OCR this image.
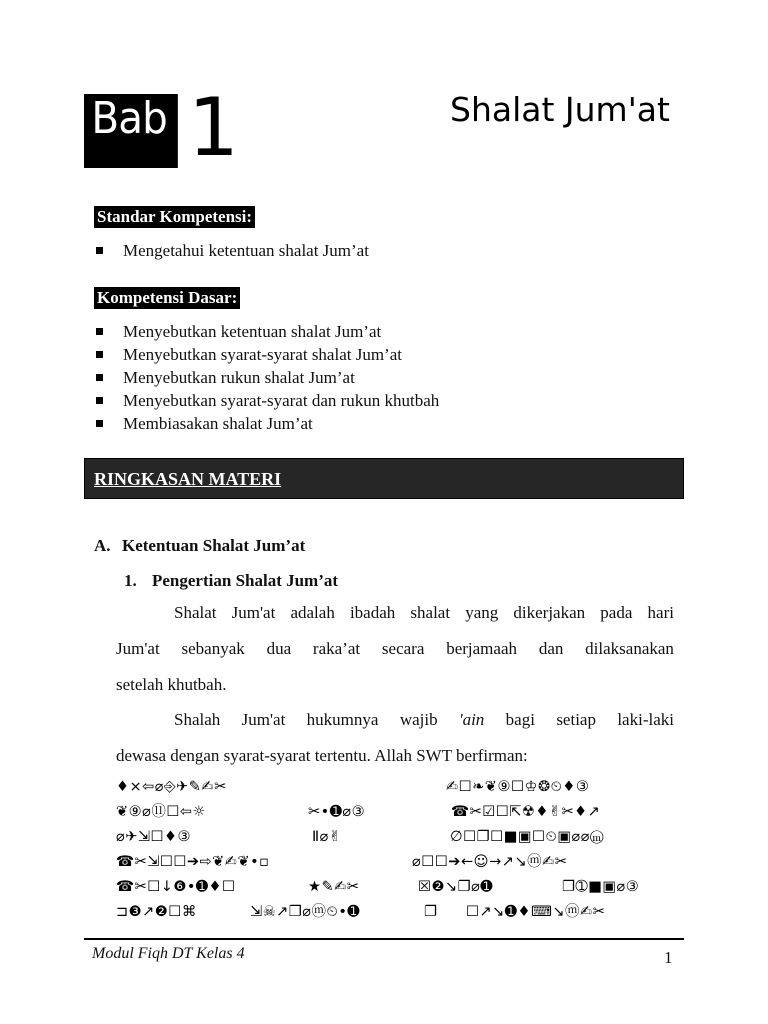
Bab 1	Shalat Jum'at
Standar Kompetensi:
Mengetahui ketentuan shalat Jum’at
Kompetensi Dasar:
Menyebutkan ketentuan shalat Jum’at
Menyebutkan syarat-syarat shalat Jum’at
Menyebutkan rukun shalat Jum’at
Menyebutkan syarat-syarat dan rukun khutbah
Membiasakan shalat Jum’at
RINGKASAN MATERI
A. Ketentuan Shalat Jum’at
1. Pengertian Shalat Jum’at
Shalat Jum'at adalah ibadah shalat yang dikerjakan pada hari
Jum'at sebanyak dua raka’at secara berjamaah dan dilaksanakan
setelah khutbah.
Shalah Jum'at hukumnya wajib 'ain bagi setiap laki-laki
dewasa dengan syarat-syarat tertentu. Allah SWT berfirman:
♦×⇦⌀⎆✈✎✍✂	✍☐❧❦⑨☐♔❂⏲♦③
❦⑨⌀⑪☐⇦☼	✂•➊⌀③	☎✂☑☐⇱☢♦✌✂♦↗
⌀✈⇲☐♦③	Ⅱ⌀✌	∅☐❐☐■▣☐⏲▣⌀⌀ⓜ
☎✂⇲☐☐➔⇨❦✍❦•▫	⌀☐☐➔←☺→↗↘ⓜ✍✂
☎✂☐↓❻•➊♦☐	★✎✍✂	☒❷↘❐⌀➊	❐➀■▣⌀③
⊐❸↗❷☐⌘	⇲☠↗❐⌀ⓜ⏲•➊	❐ ☐↗↘➊♦⌨↘ⓜ✍✂
Modul Fiqh DT Kelas 4	1
